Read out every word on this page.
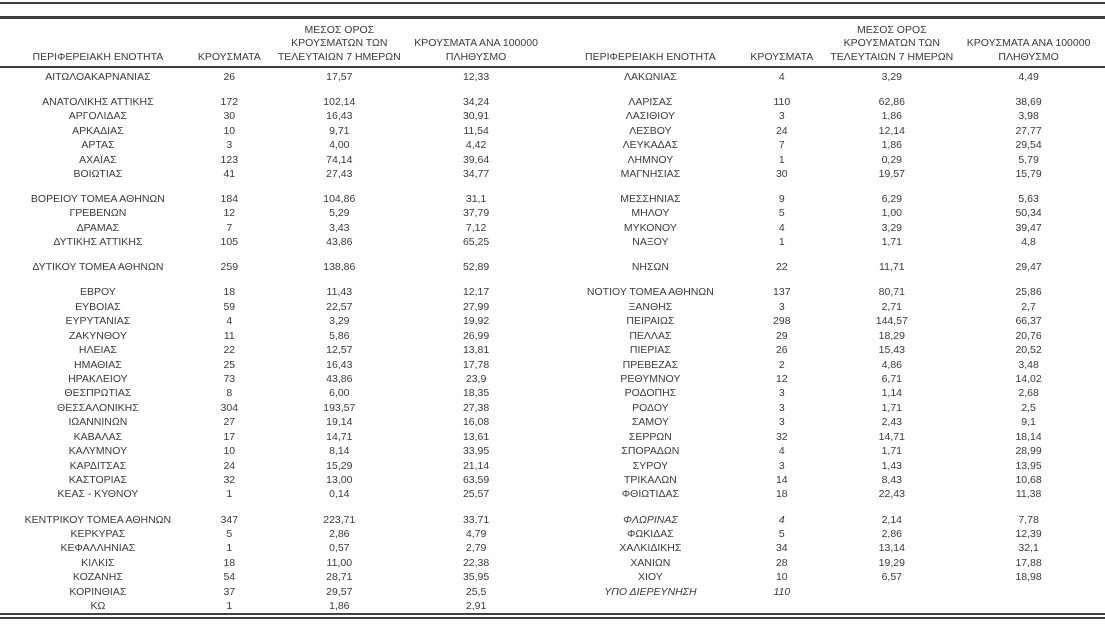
ΠΕΡΙΦΕΡΕΙΑΚΗ ΕΝΟΤΗΤΑ	ΚΡΟΥΣΜΑΤΑ
ΜΕΣΟΣ ΟΡΟΣ
ΚΡΟΥΣΜΑΤΩΝ ΤΩΝ
ΤΕΛΕΥΤΑΙΩΝ 7 ΗΜΕΡΩΝ
ΚΡΟΥΣΜΑΤΑ ΑΝΑ 100000
ΠΛΗΘΥΣΜΟ
ΑΙΤΩΛΟΑΚΑΡΝΑΝΙΑΣ	26	17,57	12,33
ΑΝΑΤΟΛΙΚΗΣ ΑΤΤΙΚΗΣ	172	102,14	34,24
ΑΡΓΟΛΙΔΑΣ	30	16,43	30,91
ΑΡΚΑΔΙΑΣ	10	9,71	11,54
ΑΡΤΑΣ	3	4,00	4,42
ΑΧΑΪΑΣ	123	74,14	39,64
ΒΟΙΩΤΙΑΣ	41	27,43	34,77
ΒΟΡΕΙΟΥ ΤΟΜΕΑ ΑΘΗΝΩΝ	184	104,86	31,1
ΓΡΕΒΕΝΩΝ	12	5,29	37,79
ΔΡΑΜΑΣ	7	3,43	7,12
ΔΥΤΙΚΗΣ ΑΤΤΙΚΗΣ	105	43,86	65,25
ΔΥΤΙΚΟΥ ΤΟΜΕΑ ΑΘΗΝΩΝ	259	138,86	52,89
ΕΒΡΟΥ	18	11,43	12,17
ΕΥΒΟΙΑΣ	59	22,57	27,99
ΕΥΡΥΤΑΝΙΑΣ	4	3,29	19,92
ΖΑΚΥΝΘΟΥ	11	5,86	26,99
ΗΛΕΙΑΣ	22	12,57	13,81
ΗΜΑΘΙΑΣ	25	16,43	17,78
ΗΡΑΚΛΕΙΟΥ	73	43,86	23,9
ΘΕΣΠΡΩΤΙΑΣ	8	6,00	18,35
ΘΕΣΣΑΛΟΝΙΚΗΣ	304	193,57	27,38
ΙΩΑΝΝΙΝΩΝ	27	19,14	16,08
ΚΑΒΑΛΑΣ	17	14,71	13,61
ΚΑΛΥΜΝΟΥ	10	8,14	33,95
ΚΑΡΔΙΤΣΑΣ	24	15,29	21,14
ΚΑΣΤΟΡΙΑΣ	32	13,00	63,59
ΚΕΑΣ - ΚΥΘΝΟΥ	1	0,14	25,57
ΚΕΝΤΡΙΚΟΥ ΤΟΜΕΑ ΑΘΗΝΩΝ	347	223,71	33,71
ΚΕΡΚΥΡΑΣ	5	2,86	4,79
ΚΕΦΑΛΛΗΝΙΑΣ	1	0,57	2,79
ΚΙΛΚΙΣ	18	11,00	22,38
ΚΟΖΑΝΗΣ	54	28,71	35,95
ΚΟΡΙΝΘΙΑΣ	37	29,57	25,5
ΚΩ	1	1,86	2,91
ΠΕΡΙΦΕΡΕΙΑΚΗ ΕΝΟΤΗΤΑ	ΚΡΟΥΣΜΑΤΑ
ΜΕΣΟΣ ΟΡΟΣ
ΚΡΟΥΣΜΑΤΩΝ ΤΩΝ
ΤΕΛΕΥΤΑΙΩΝ 7 ΗΜΕΡΩΝ
ΚΡΟΥΣΜΑΤΑ ΑΝΑ 100000
ΠΛΗΘΥΣΜΟ
ΛΑΚΩΝΙΑΣ	4	3,29	4,49
ΛΑΡΙΣΑΣ	110	62,86	38,69
ΛΑΣΙΘΙΟΥ	3	1,86	3,98
ΛΕΣΒΟΥ	24	12,14	27,77
ΛΕΥΚΑΔΑΣ	7	1,86	29,54
ΛΗΜΝΟΥ	1	0,29	5,79
ΜΑΓΝΗΣΙΑΣ	30	19,57	15,79
ΜΕΣΣΗΝΙΑΣ	9	6,29	5,63
ΜΗΛΟΥ	5	1,00	50,34
ΜΥΚΟΝΟΥ	4	3,29	39,47
ΝΑΞΟΥ	1	1,71	4,8
ΝΗΣΩΝ	22	11,71	29,47
ΝΟΤΙΟΥ ΤΟΜΕΑ ΑΘΗΝΩΝ	137	80,71	25,86
ΞΑΝΘΗΣ	3	2,71	2,7
ΠΕΙΡΑΙΩΣ	298	144,57	66,37
ΠΕΛΛΑΣ	29	18,29	20,76
ΠΙΕΡΙΑΣ	26	15,43	20,52
ΠΡΕΒΕΖΑΣ	2	4,86	3,48
ΡΕΘΥΜΝΟΥ	12	6,71	14,02
ΡΟΔΟΠΗΣ	3	1,14	2,68
ΡΟΔΟΥ	3	1,71	2,5
ΣΑΜΟΥ	3	2,43	9,1
ΣΕΡΡΩΝ	32	14,71	18,14
ΣΠΟΡΑΔΩΝ	4	1,71	28,99
ΣΥΡΟΥ	3	1,43	13,95
ΤΡΙΚΑΛΩΝ	14	8,43	10,68
ΦΘΙΩΤΙΔΑΣ	18	22,43	11,38
ΦΛΩΡΙΝΑΣ	4	2,14	7,78
ΦΩΚΙΔΑΣ	5	2,86	12,39
ΧΑΛΚΙΔΙΚΗΣ	34	13,14	32,1
ΧΑΝΙΩΝ	28	19,29	17,88
ΧΙΟΥ	10	6,57	18,98
ΥΠΟ ΔΙΕΡΕΥΝΗΣΗ	110
